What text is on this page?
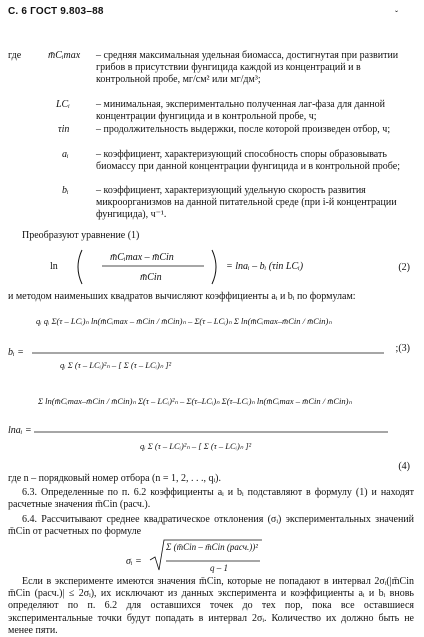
С. 6 ГОСТ 9.803–88	ˇ
где	m̄Cᵢmax – средняя максимальная удельная биомасса, достигнутая при развитии грибов в присутствии фунгицида каждой из концентраций и в контрольной пробе, мг/см² или мг/дм³;
LCᵢ	– минимальная, экспериментально полученная лаг-фаза для данной концентрации фунгицида и в контрольной пробе, ч;
τin	– продолжительность выдержки, после которой произведен отбор, ч;
aᵢ	– коэффициент, характеризующий способность споры образовывать биомассу при данной концентрации фунгицида и в контрольной пробе;
bᵢ	– коэффициент, характеризующий удельную скорость развития микроорганизмов на данной питательной среде (при i-й концентрации фунгицида), ч⁻¹.
Преобразуют уравнение (1)
ln
m̄Cᵢmax – m̄Cin
m̄Cin
= lnaᵢ – bᵢ (τin LCᵢ)	(2)
и методом наименьших квадратов вычисляют коэффициенты aᵢ и bᵢ по формулам:
bᵢ =
qᵢ qᵢ Σ(τ – LCᵢ)ₙ ln(m̄Cᵢmax – m̄Cin / m̄Cin)ₙ – Σ(τ – LCᵢ)ₙ Σ ln(m̄Cᵢmax–m̄Cin / m̄Cin)ₙ
qᵢ Σ (τ – LCᵢ)²ₙ – [ Σ (τ – LCᵢ)ₙ ]²
;(3)
lnaᵢ =
Σ ln(m̄Cᵢmax–m̄Cin / m̄Cin)ₙ Σ(τ – LCᵢ)²ₙ – Σ(τ–LCᵢ)ₙ Σ(τ–LCᵢ)ₙ ln(m̄Cᵢmax – m̄Cin / m̄Cin)ₙ
qᵢ Σ (τ – LCᵢ)²ₙ – [ Σ (τ – LCᵢ)ₙ ]²
(4)
где n – порядковый номер отбора (n = 1, 2, . . ., qᵢ).
6.3. Определенные по п. 6.2 коэффициенты aᵢ и bᵢ подставляют в формулу (1) и находят расчетные значения m̄Cin (расч.).
6.4. Рассчитывают среднее квадратическое отклонения (σᵢ) экспериментальных значений m̄Cin от расчетных по формуле
σᵢ =
Σ (m̄Cin – m̄Cin (расч.))²
q – 1
Если в эксперименте имеются значения m̄Cin, которые не попадают в интервал 2σᵢ(|m̄Cin m̄Cin (расч.)| ≤ 2σᵢ), их исключают из данных эксперимента и коэффициенты aᵢ и bᵢ вновь определяют по п. 6.2 для оставшихся точек до тех пор, пока все оставшиеся экспериментальные точки будут попадать в интервал 2σᵢ. Количество их должно быть не менее пяти.
